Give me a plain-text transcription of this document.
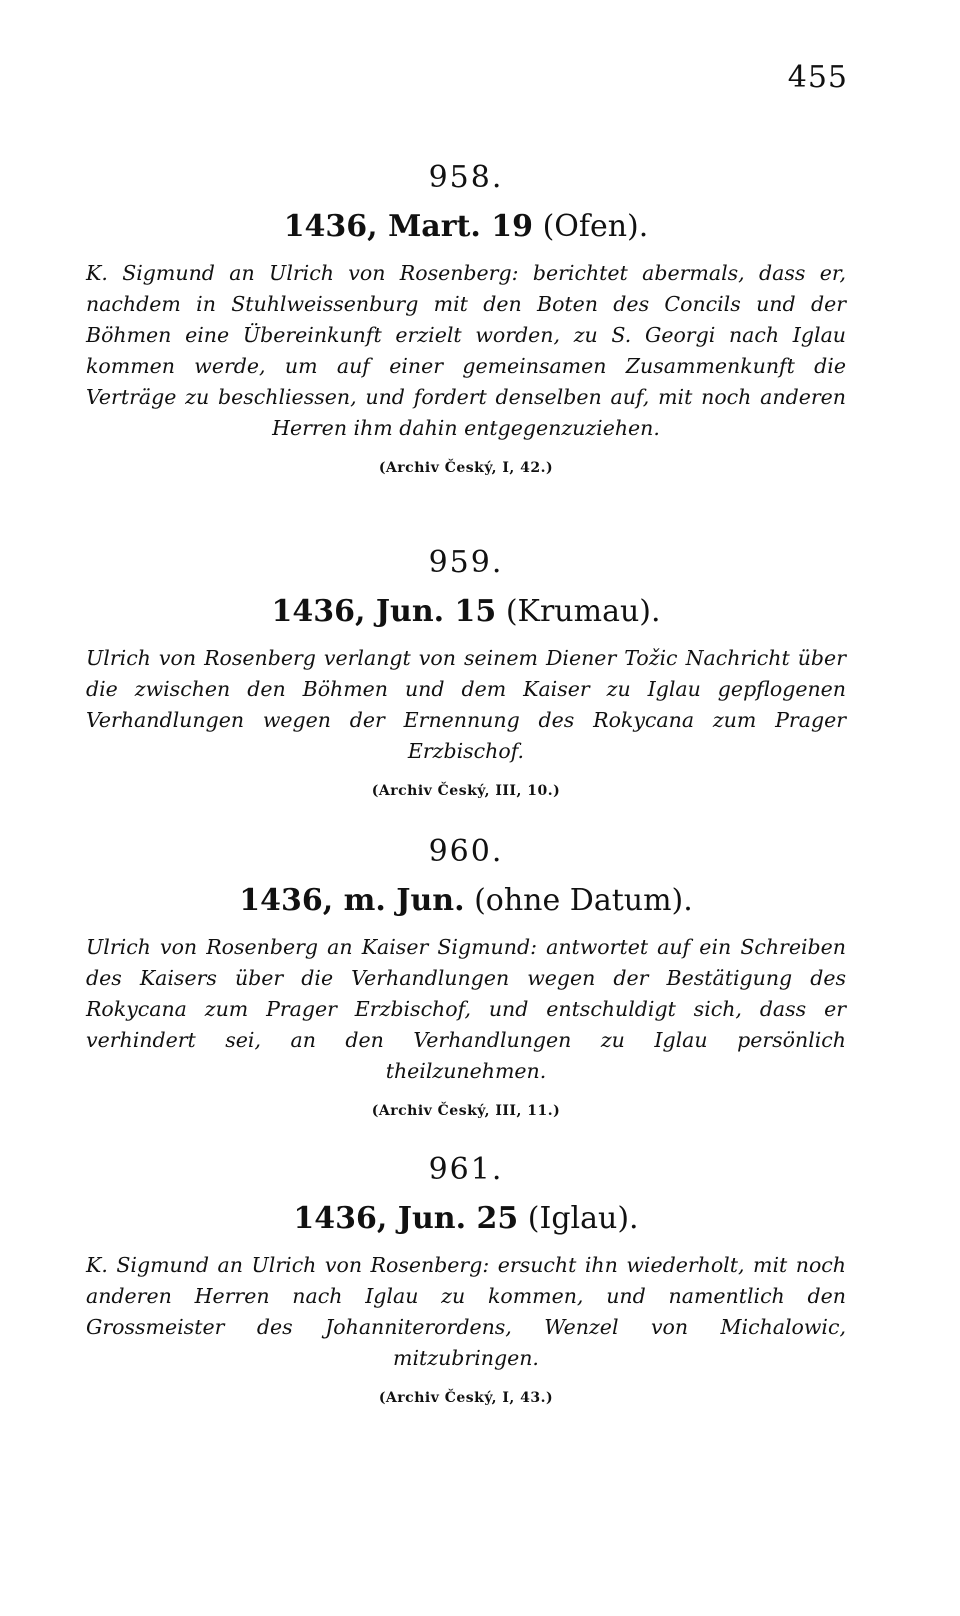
455
958.
1436, Mart. 19 (Ofen).

K. Sigmund an Ulrich von Rosenberg: berichtet abermals, dass er, nachdem in Stuhlweissenburg mit den Boten des Concils und der Böhmen eine Übereinkunft erzielt worden, zu S. Georgi nach Iglau kommen werde, um auf einer gemeinsamen Zusammenkunft die Verträge zu beschliessen, und fordert denselben auf, mit noch anderen Herren ihm dahin entgegenzuziehen.

(Archiv Český, I, 42.)
959.
1436, Jun. 15 (Krumau).

Ulrich von Rosenberg verlangt von seinem Diener Tožic Nachricht über die zwischen den Böhmen und dem Kaiser zu Iglau gepflogenen Verhandlungen wegen der Ernennung des Rokycana zum Prager Erzbischof.

(Archiv Český, III, 10.)
960.
1436, m. Jun. (ohne Datum).

Ulrich von Rosenberg an Kaiser Sigmund: antwortet auf ein Schreiben des Kaisers über die Verhandlungen wegen der Bestätigung des Rokycana zum Prager Erzbischof, und entschuldigt sich, dass er verhindert sei, an den Verhandlungen zu Iglau persönlich theilzunehmen.

(Archiv Český, III, 11.)
961.
1436, Jun. 25 (Iglau).

K. Sigmund an Ulrich von Rosenberg: ersucht ihn wiederholt, mit noch anderen Herren nach Iglau zu kommen, und namentlich den Grossmeister des Johanniterordens, Wenzel von Michalowic, mitzubringen.

(Archiv Český, I, 43.)
